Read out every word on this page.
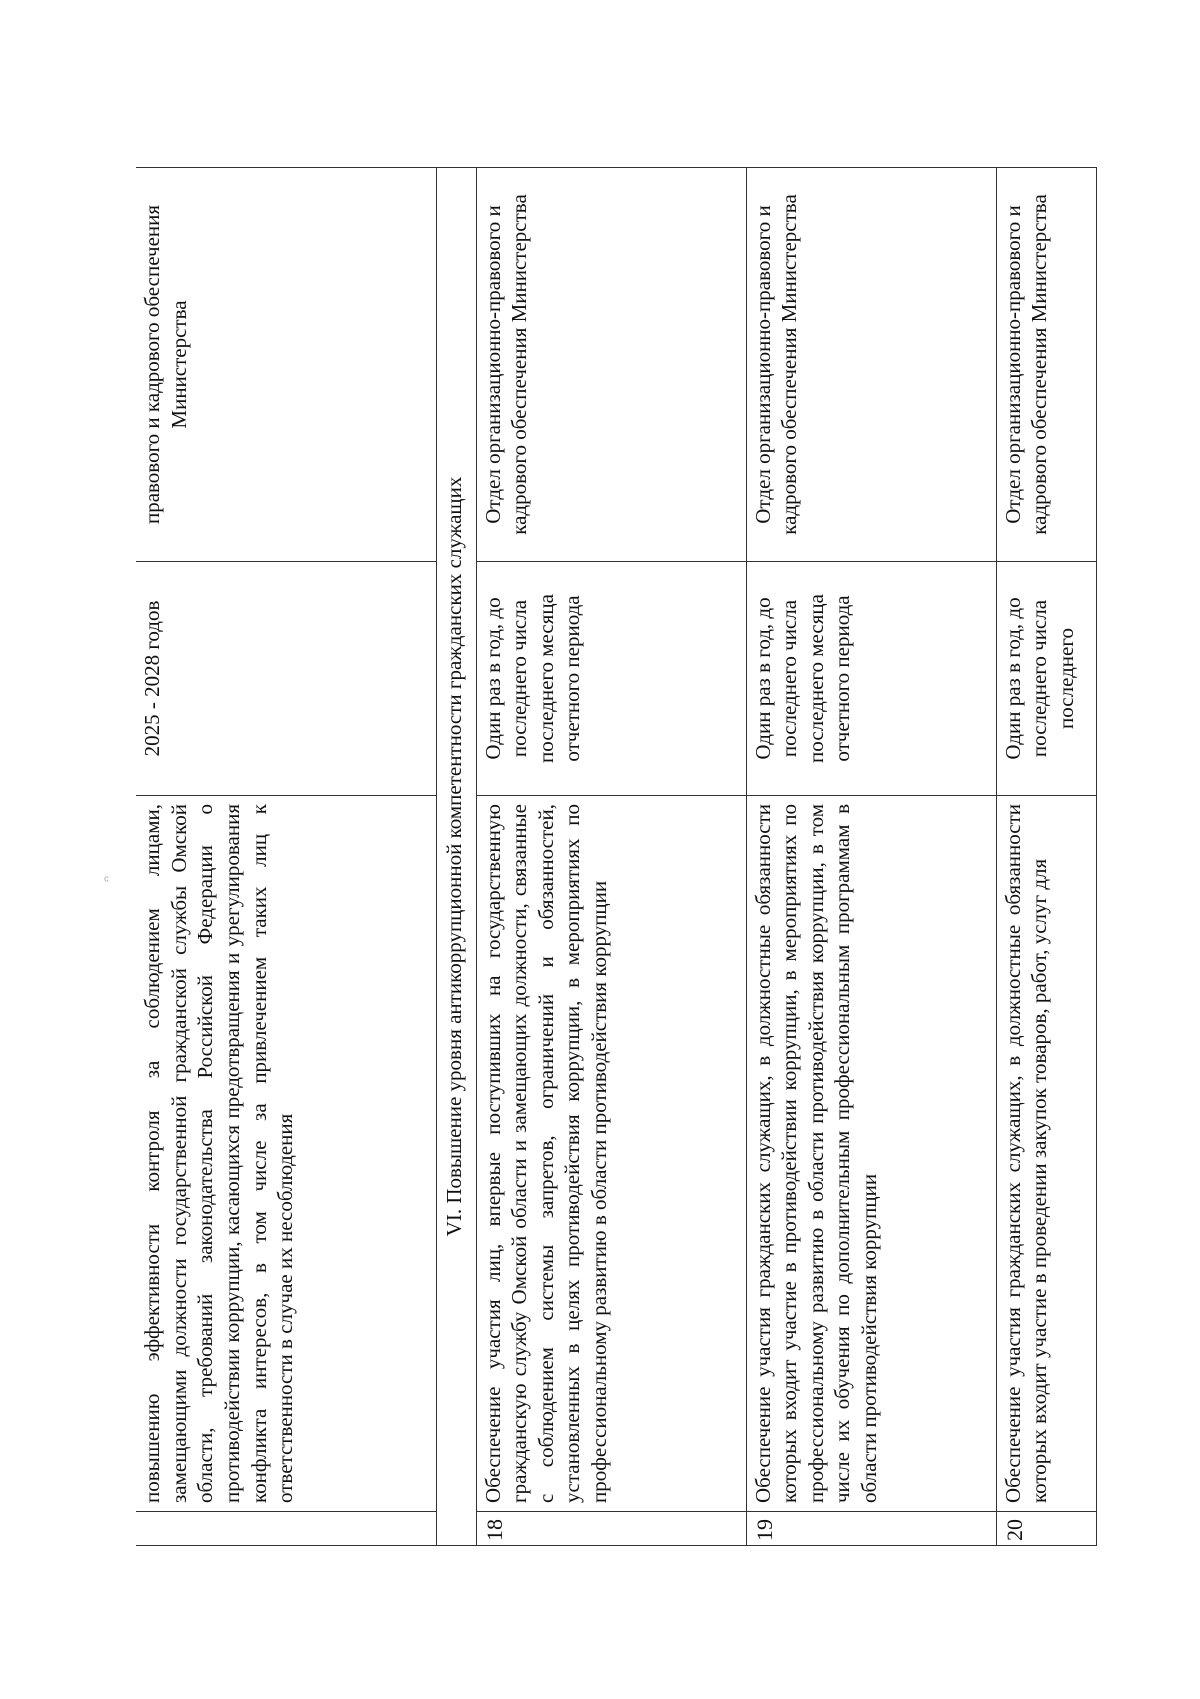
ᶜ
	повышению эффективности контроля за соблюдением лицами, замещающими должности государственной гражданской службы Омской области, требований законодательства Российской Федерации о противодействии коррупции, касающихся предотвращения и урегулирования конфликта интересов, в том числе за привлечением таких лиц к ответственности в случае их несоблюдения	2025 - 2028 годов	правового и кадрового обеспечения Министерства
VI. Повышение уровня антикоррупционной компетентности гражданских служащих			
18	Обеспечение участия лиц, впервые поступивших на государственную гражданскую службу Омской области и замещающих должности, связанные с соблюдением системы запретов, ограничений и обязанностей, установленных в целях противодействия коррупции, в мероприятиях по профессиональному развитию в области противодействия коррупции	Один раз в год, до последнего числа последнего месяца отчетного периода	Отдел организационно-правового и кадрового обеспечения Министерства
19	Обеспечение участия гражданских служащих, в должностные обязанности которых входит участие в противодействии коррупции, в мероприятиях по профессиональному развитию в области противодействия коррупции, в том числе их обучения по дополнительным профессиональным программам в области противодействия коррупции	Один раз в год, до последнего числа последнего месяца отчетного периода	Отдел организационно-правового и кадрового обеспечения Министерства
20	Обеспечение участия гражданских служащих, в должностные обязанности которых входит участие в проведении закупок товаров, работ, услуг для	Один раз в год, до последнего числа последнего	Отдел организационно-правового и кадрового обеспечения Министерства
